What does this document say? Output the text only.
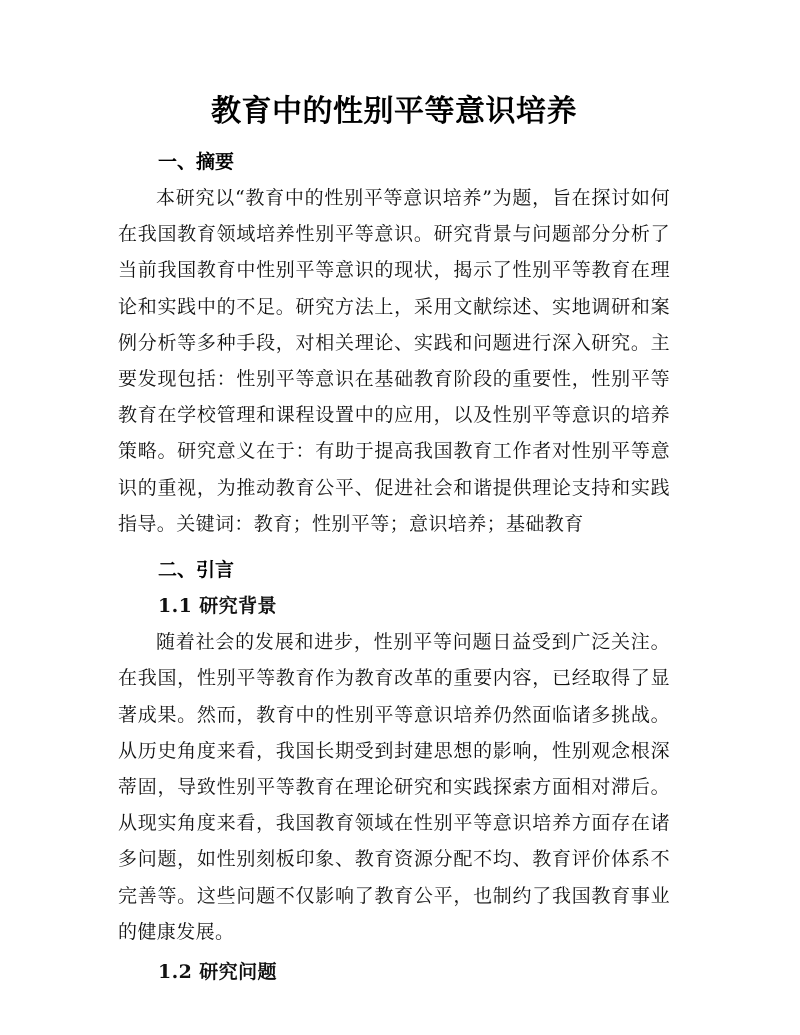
教育中的性别平等意识培养
一、摘要

本研究以“教育中的性别平等意识培养”为题，旨在探讨如何在我国教育领域培养性别平等意识。研究背景与问题部分分析了当前我国教育中性别平等意识的现状，揭示了性别平等教育在理论和实践中的不足。研究方法上，采用文献综述、实地调研和案例分析等多种手段，对相关理论、实践和问题进行深入研究。主要发现包括：性别平等意识在基础教育阶段的重要性，性别平等教育在学校管理和课程设置中的应用，以及性别平等意识的培养策略。研究意义在于：有助于提高我国教育工作者对性别平等意识的重视，为推动教育公平、促进社会和谐提供理论支持和实践指导。关键词：教育；性别平等；意识培养；基础教育

二、引言
1.1 研究背景

随着社会的发展和进步，性别平等问题日益受到广泛关注。在我国，性别平等教育作为教育改革的重要内容，已经取得了显著成果。然而，教育中的性别平等意识培养仍然面临诸多挑战。从历史角度来看，我国长期受到封建思想的影响，性别观念根深蒂固，导致性别平等教育在理论研究和实践探索方面相对滞后。从现实角度来看，我国教育领域在性别平等意识培养方面存在诸多问题，如性别刻板印象、教育资源分配不均、教育评价体系不完善等。这些问题不仅影响了教育公平，也制约了我国教育事业的健康发展。

1.2 研究问题
